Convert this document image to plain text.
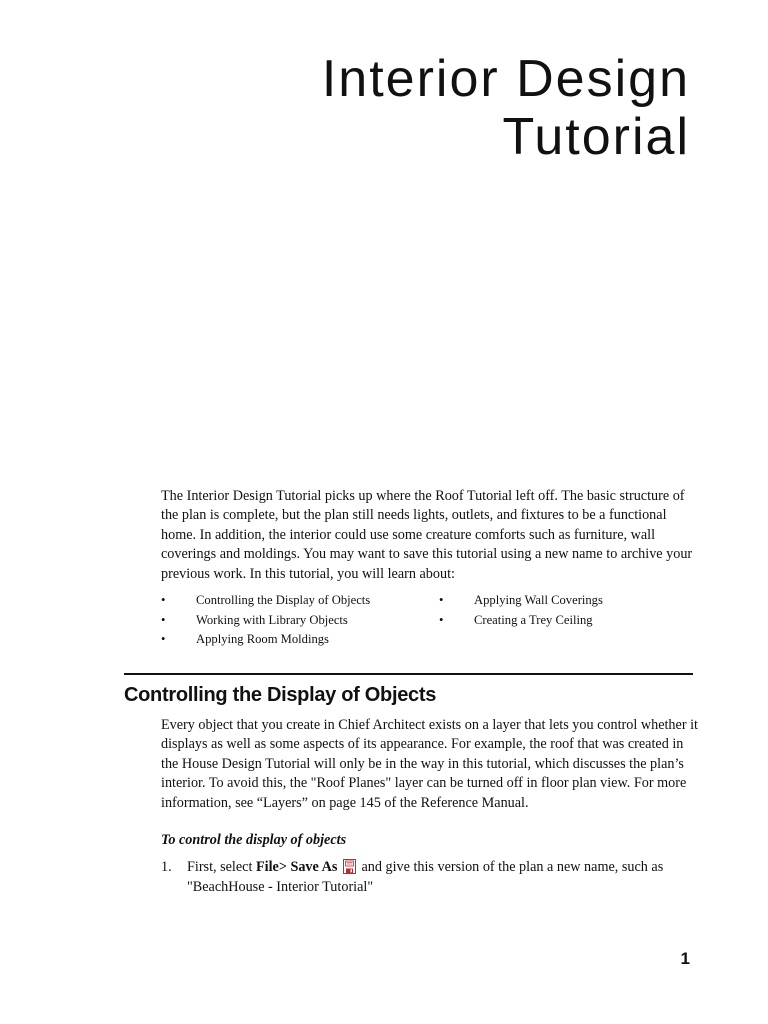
Interior Design
Tutorial

The Interior Design Tutorial picks up where the Roof Tutorial left off. The basic structure of the plan is complete, but the plan still needs lights, outlets, and fixtures to be a functional home. In addition, the interior could use some creature comforts such as furniture, wall coverings and moldings. You may want to save this tutorial using a new name to archive your previous work. In this tutorial, you will learn about:

• Controlling the Display of Objects
• Working with Library Objects
• Applying Room Moldings
• Applying Wall Coverings
• Creating a Trey Ceiling
Controlling the Display of Objects

Every object that you create in Chief Architect exists on a layer that lets you control whether it displays as well as some aspects of its appearance. For example, the roof that was created in the House Design Tutorial will only be in the way in this tutorial, which discusses the plan’s interior. To avoid this, the "Roof Planes" layer can be turned off in floor plan view. For more information, see “Layers” on page 145 of the Reference Manual.

To control the display of objects

1. First, select File> Save As  and give this version of the plan a new name, such as "BeachHouse - Interior Tutorial"
1
